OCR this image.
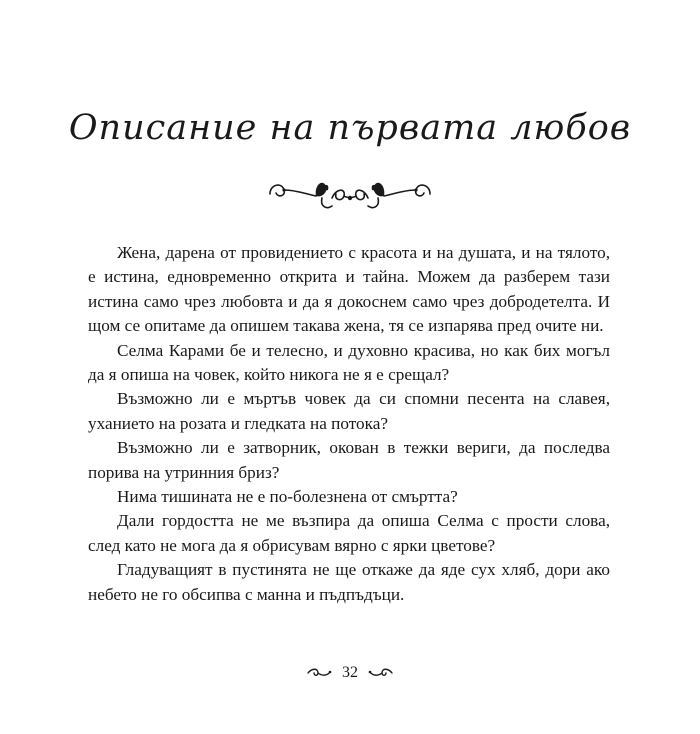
Описание на първата любов

Жена, дарена от провидението с красота и на душата, и на тялото, е истина, едновременно открита и тайна. Можем да разберем тази истина само чрез любовта и да я докоснем само чрез добродетелта. И щом се опитаме да опишем такава жена, тя се изпарява пред очите ни.

Селма Карами бе и телесно, и духовно красива, но как бих могъл да я опиша на човек, който никога не я е срещал?

Възможно ли е мъртъв човек да си спомни песента на славея, уханието на розата и гледката на потока?

Възможно ли е затворник, окован в тежки вериги, да последва порива на утринния бриз?

Нима тишината не е по-болезнена от смъртта?

Дали гордостта не ме възпира да опиша Селма с прости слова, след като не мога да я обрисувам вярно с ярки цветове?

Гладуващият в пустинята не ще откаже да яде сух хляб, дори ако небето не го обсипва с манна и пъдпъдъци.

32
